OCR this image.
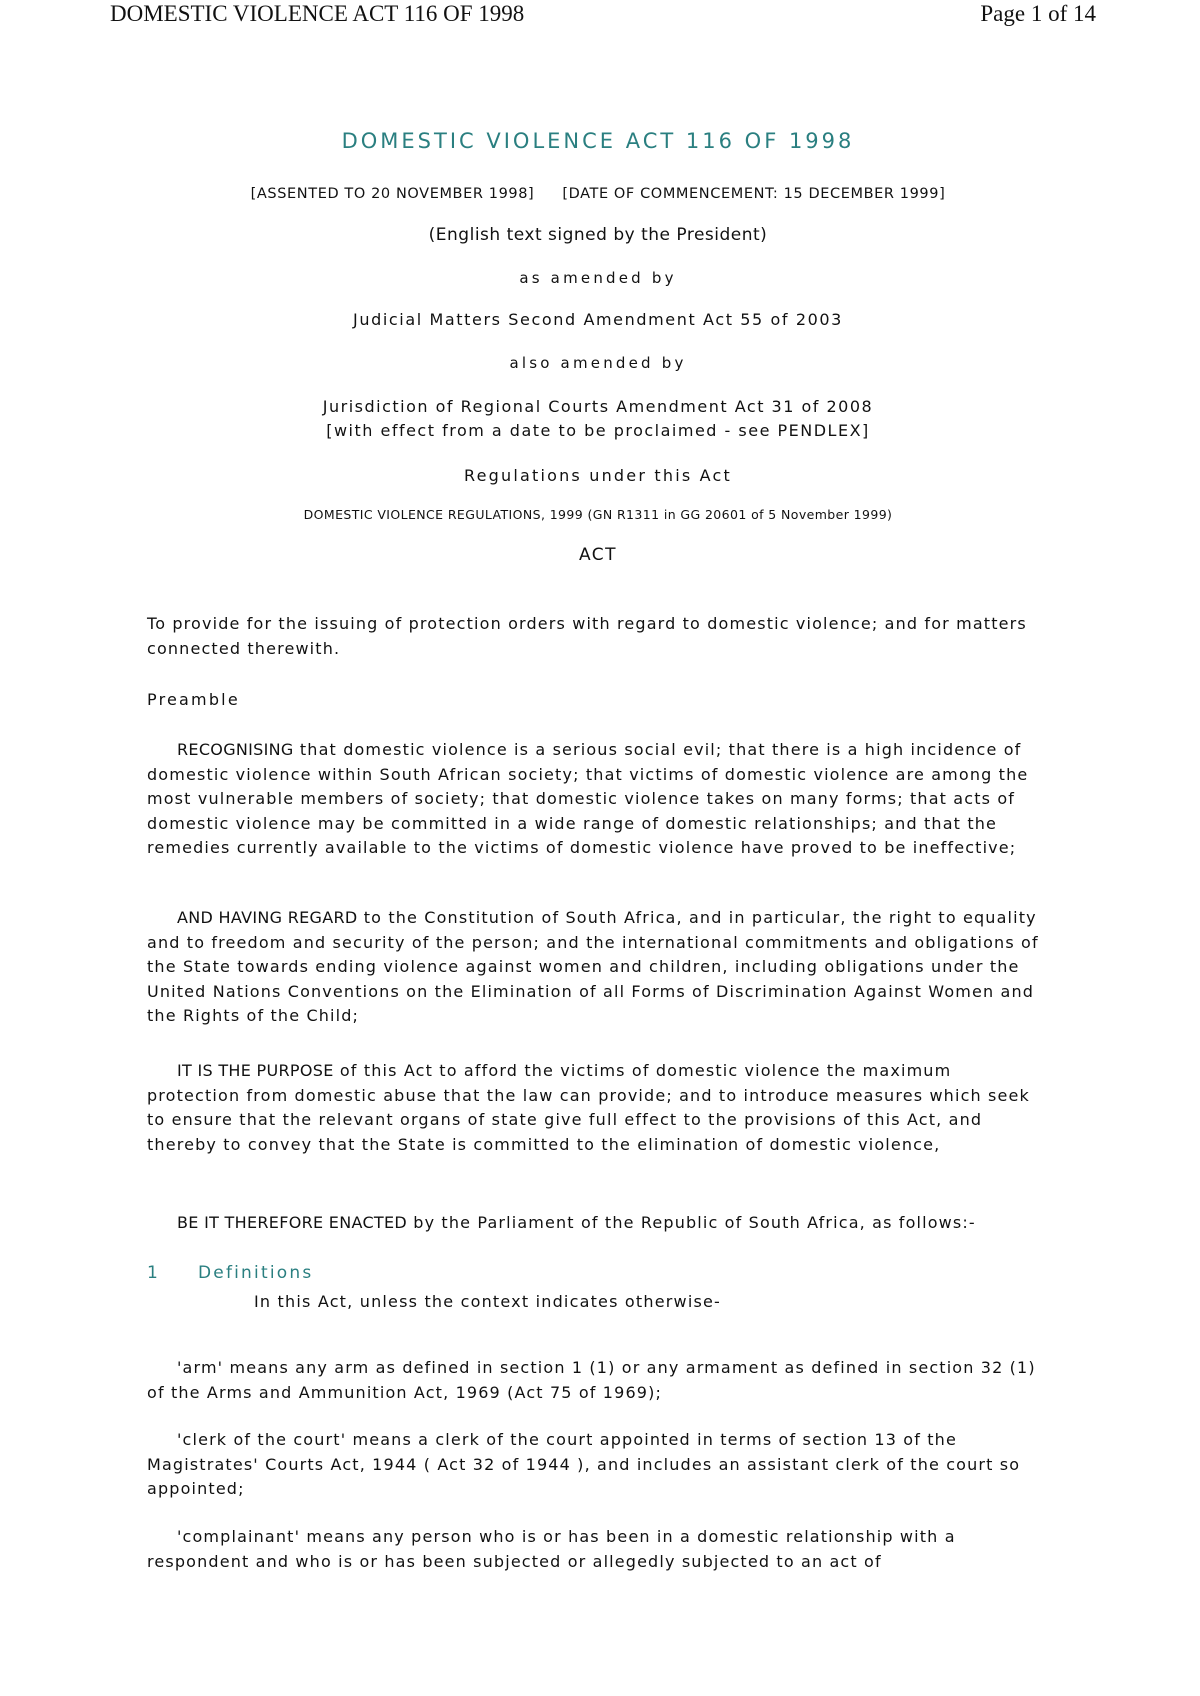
DOMESTIC VIOLENCE ACT 116 OF 1998	Page 1 of 14
DOMESTIC VIOLENCE ACT 116 OF 1998
[ASSENTED TO 20 NOVEMBER 1998] [DATE OF COMMENCEMENT: 15 DECEMBER 1999]
(English text signed by the President)
as amended by
Judicial Matters Second Amendment Act 55 of 2003
also amended by
Jurisdiction of Regional Courts Amendment Act 31 of 2008
[with effect from a date to be proclaimed - see PENDLEX]
Regulations under this Act
DOMESTIC VIOLENCE REGULATIONS, 1999 (GN R1311 in GG 20601 of 5 November 1999)
ACT

To provide for the issuing of protection orders with regard to domestic violence; and for matters connected therewith.

Preamble

RECOGNISING that domestic violence is a serious social evil; that there is a high incidence of domestic violence within South African society; that victims of domestic violence are among the most vulnerable members of society; that domestic violence takes on many forms; that acts of domestic violence may be committed in a wide range of domestic relationships; and that the remedies currently available to the victims of domestic violence have proved to be ineffective;

AND HAVING REGARD to the Constitution of South Africa, and in particular, the right to equality and to freedom and security of the person; and the international commitments and obligations of the State towards ending violence against women and children, including obligations under the United Nations Conventions on the Elimination of all Forms of Discrimination Against Women and the Rights of the Child;

IT IS THE PURPOSE of this Act to afford the victims of domestic violence the maximum protection from domestic abuse that the law can provide; and to introduce measures which seek to ensure that the relevant organs of state give full effect to the provisions of this Act, and thereby to convey that the State is committed to the elimination of domestic violence,

BE IT THEREFORE ENACTED by the Parliament of the Republic of South Africa, as follows:-

1 Definitions
In this Act, unless the context indicates otherwise-

'arm' means any arm as defined in section 1 (1) or any armament as defined in section 32 (1) of the Arms and Ammunition Act, 1969 (Act 75 of 1969);

'clerk of the court' means a clerk of the court appointed in terms of section 13 of the Magistrates' Courts Act, 1944 ( Act 32 of 1944 ), and includes an assistant clerk of the court so appointed;

'complainant' means any person who is or has been in a domestic relationship with a respondent and who is or has been subjected or allegedly subjected to an act of
